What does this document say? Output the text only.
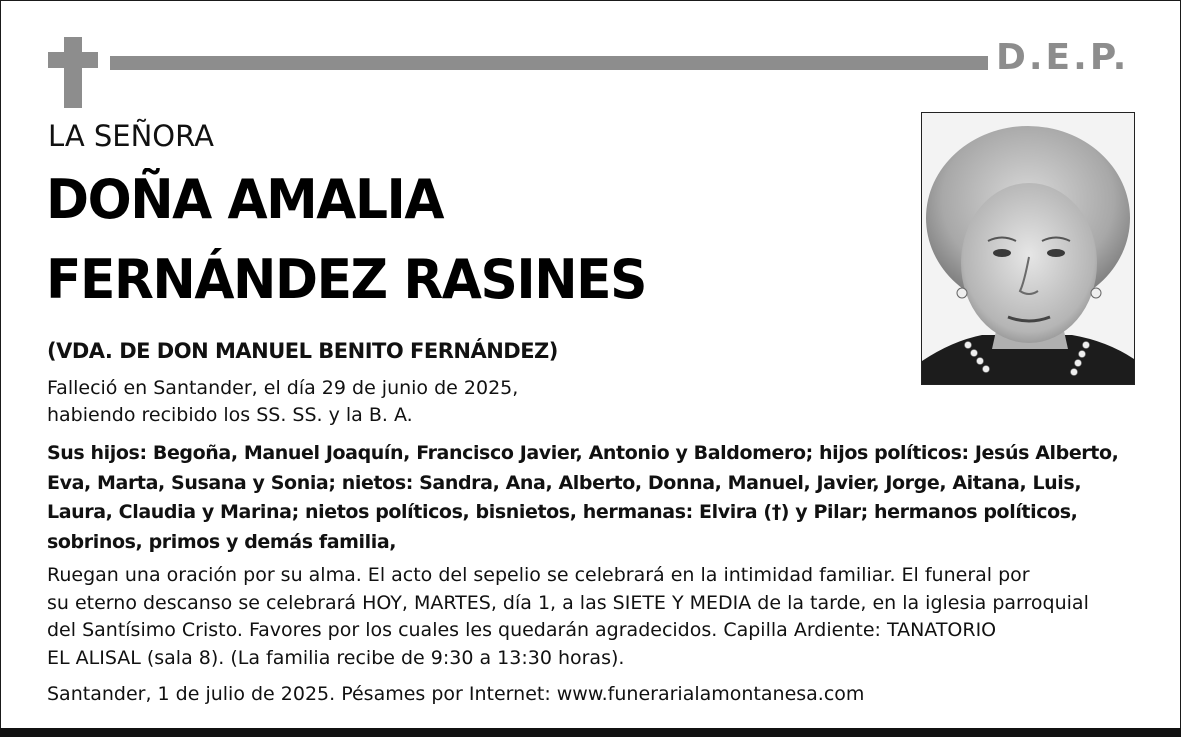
D.E.P.
LA SEÑORA
DOÑA AMALIA
FERNÁNDEZ RASINES
(VDA. DE DON MANUEL BENITO FERNÁNDEZ)
Falleció en Santander, el día 29 de junio de 2025,
habiendo recibido los SS. SS. y la B. A.
Sus hijos: Begoña, Manuel Joaquín, Francisco Javier, Antonio y Baldomero; hijos políticos: Jesús Alberto,
Eva, Marta, Susana y Sonia; nietos: Sandra, Ana, Alberto, Donna, Manuel, Javier, Jorge, Aitana, Luis,
Laura, Claudia y Marina; nietos políticos, bisnietos, hermanas: Elvira (†) y Pilar; hermanos políticos,
sobrinos, primos y demás familia,
Ruegan una oración por su alma. El acto del sepelio se celebrará en la intimidad familiar. El funeral por
su eterno descanso se celebrará HOY, MARTES, día 1, a las SIETE Y MEDIA de la tarde, en la iglesia parroquial
del Santísimo Cristo. Favores por los cuales les quedarán agradecidos. Capilla Ardiente: TANATORIO
EL ALISAL (sala 8). (La familia recibe de 9:30 a 13:30 horas).
Santander, 1 de julio de 2025. Pésames por Internet: www.funerarialamontanesa.com
